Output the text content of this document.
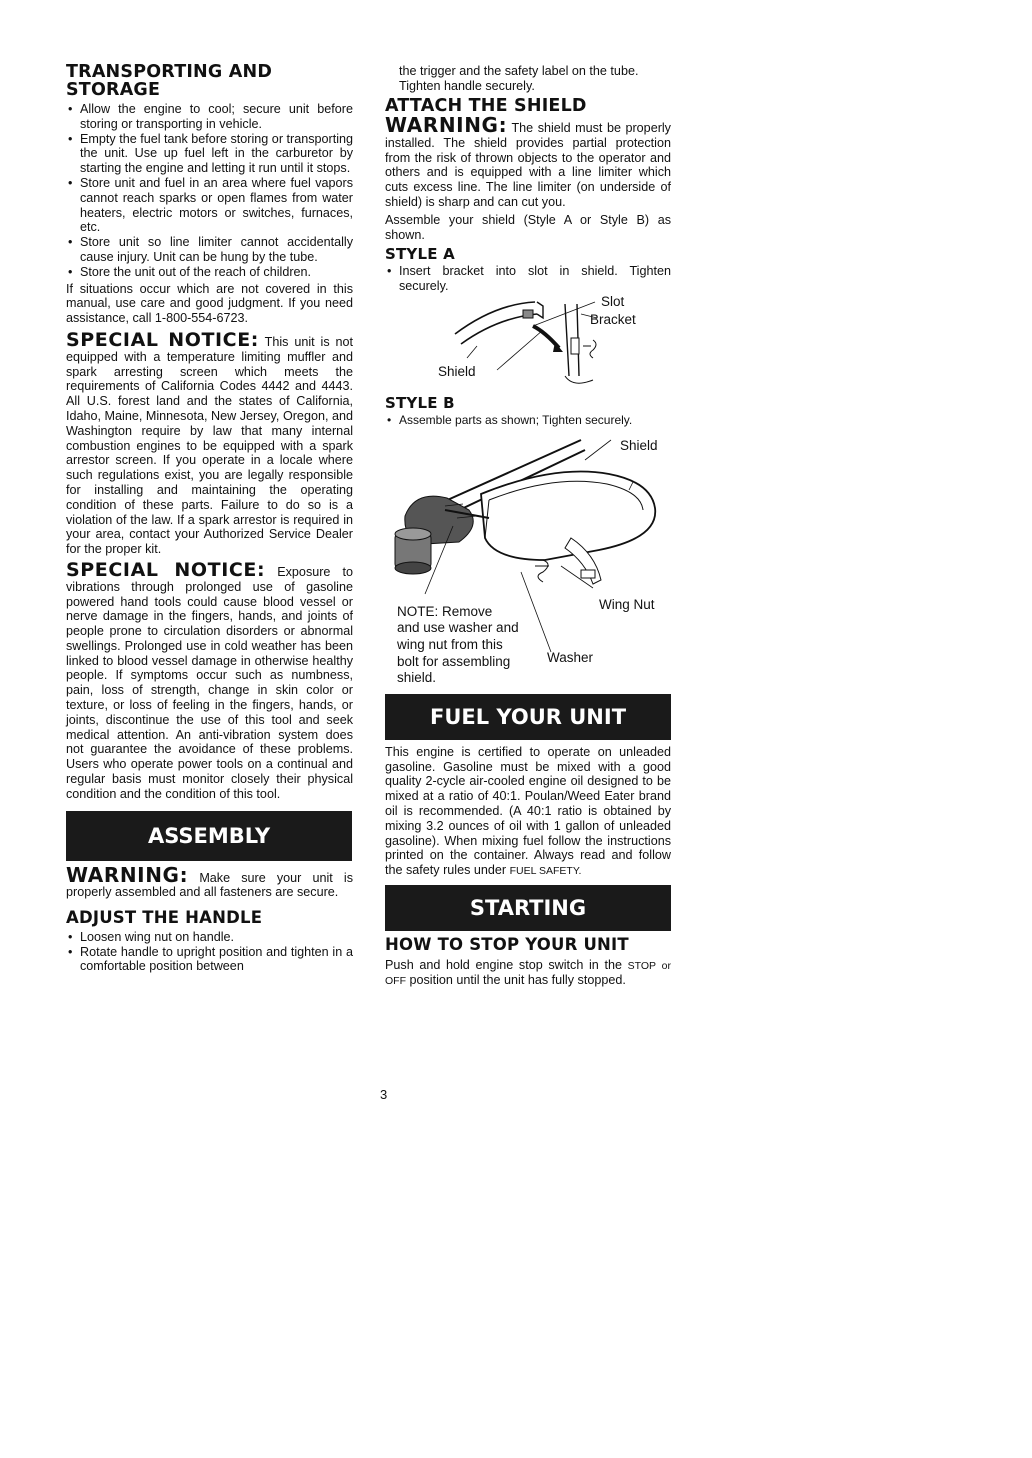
TRANSPORTING AND
STORAGE
• Allow the engine to cool; secure unit before storing or transporting in vehicle.
• Empty the fuel tank before storing or transporting the unit. Use up fuel left in the carburetor by starting the engine and letting it run until it stops.
• Store unit and fuel in an area where fuel vapors cannot reach sparks or open flames from water heaters, electric motors or switches, furnaces, etc.
• Store unit so line limiter cannot accidentally cause injury. Unit can be hung by the tube.
• Store the unit out of the reach of children.

If situations occur which are not covered in this manual, use care and good judgment. If you need assistance, call 1-800-554-6723.

SPECIAL NOTICE: This unit is not equipped with a temperature limiting muffler and spark arresting screen which meets the requirements of California Codes 4442 and 4443. All U.S. forest land and the states of California, Idaho, Maine, Minnesota, New Jersey, Oregon, and Washington require by law that many internal combustion engines to be equipped with a spark arrestor screen. If you operate in a locale where such regulations exist, you are legally responsible for installing and maintaining the operating condition of these parts. Failure to do so is a violation of the law. If a spark arrestor is required in your area, contact your Authorized Service Dealer for the proper kit.

SPECIAL NOTICE: Exposure to vibrations through prolonged use of gasoline powered hand tools could cause blood vessel or nerve damage in the fingers, hands, and joints of people prone to circulation disorders or abnormal swellings. Prolonged use in cold weather has been linked to blood vessel damage in otherwise healthy people. If symptoms occur such as numbness, pain, loss of strength, change in skin color or texture, or loss of feeling in the fingers, hands, or joints, discontinue the use of this tool and seek medical attention. An anti-vibration system does not guarantee the avoidance of these problems. Users who operate power tools on a continual and regular basis must monitor closely their physical condition and the condition of this tool.

ASSEMBLY

WARNING: Make sure your unit is properly assembled and all fasteners are secure.

ADJUST THE HANDLE
• Loosen wing nut on handle.
• Rotate handle to upright position and tighten in a comfortable position between

the trigger and the safety label on the tube. Tighten handle securely.

ATTACH THE SHIELD

WARNING: The shield must be properly installed. The shield provides partial protection from the risk of thrown objects to the operator and others and is equipped with a line limiter which cuts excess line. The line limiter (on underside of shield) is sharp and can cut you.

Assemble your shield (Style A or Style B) as shown.

STYLE A
• Insert bracket into slot in shield. Tighten securely.
Slot
Bracket
Shield
STYLE B
• Assemble parts as shown; Tighten securely.
Shield
Wing Nut
Washer
NOTE: Remove
and use washer and
wing nut from this
bolt for assembling
shield.
FUEL YOUR UNIT

This engine is certified to operate on unleaded gasoline. Gasoline must be mixed with a good quality 2-cycle air-cooled engine oil designed to be mixed at a ratio of 40:1. Poulan/Weed Eater brand oil is recommended. (A 40:1 ratio is obtained by mixing 3.2 ounces of oil with 1 gallon of unleaded gasoline). When mixing fuel follow the instructions printed on the container. Always read and follow the safety rules under FUEL SAFETY.

STARTING
HOW TO STOP YOUR UNIT

Push and hold engine stop switch in the STOP or OFF position until the unit has fully stopped.

3
